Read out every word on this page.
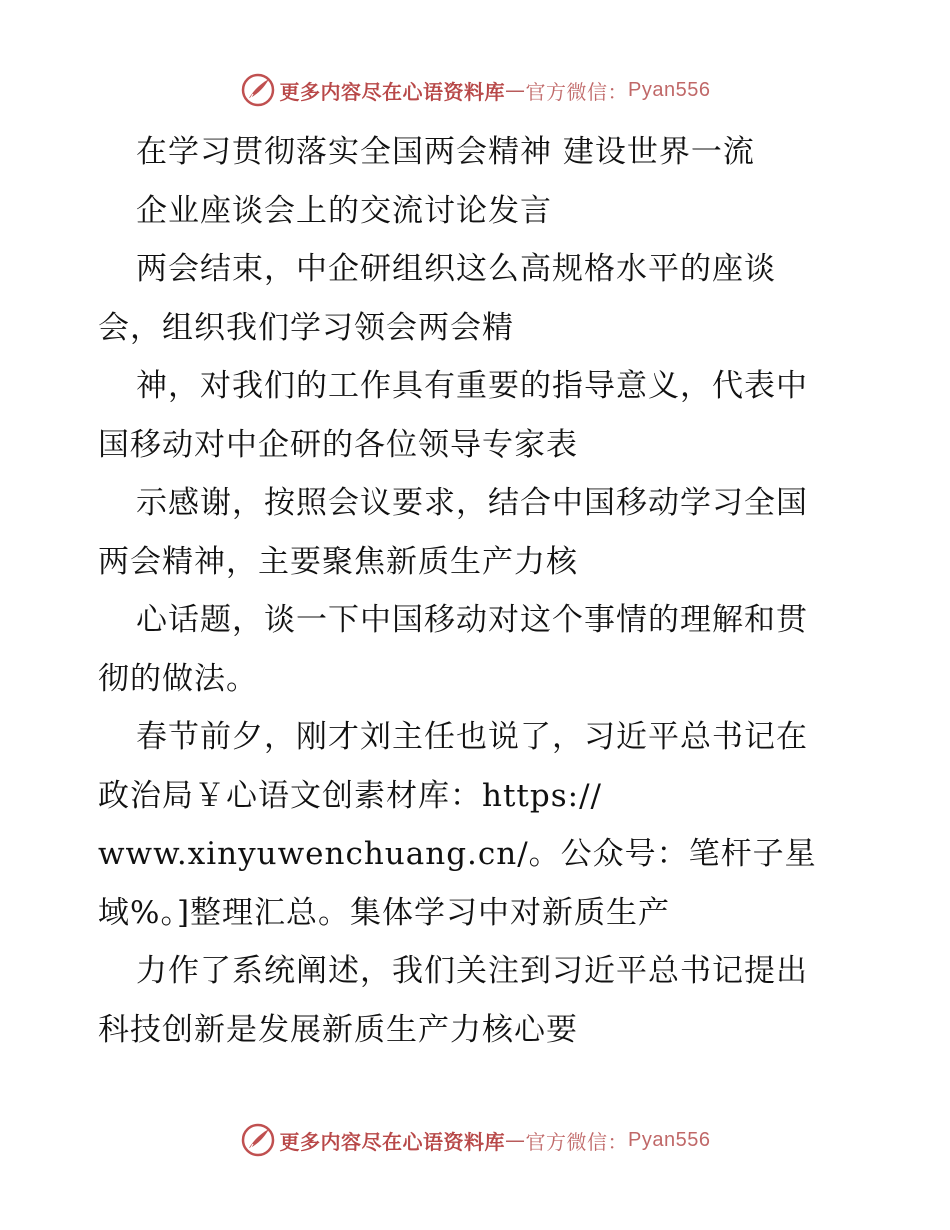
更多内容尽在心语资料库 — 官方微信： Pyan556
在学习贯彻落实全国两会精神 建设世界一流
企业座谈会上的交流讨论发言
两会结束，中企研组织这么高规格水平的座谈
会，组织我们学习领会两会精
神，对我们的工作具有重要的指导意义，代表中
国移动对中企研的各位领导专家表
示感谢，按照会议要求，结合中国移动学习全国
两会精神，主要聚焦新质生产力核
心话题，谈一下中国移动对这个事情的理解和贯
彻的做法。
春节前夕，刚才刘主任也说了，习近平总书记在
政治局￥心语文创素材库：https://
www.xinyuwenchuang.cn/。公众号：笔杆子星
域%。]整理汇总。集体学习中对新质生产
力作了系统阐述，我们关注到习近平总书记提出
科技创新是发展新质生产力核心要
更多内容尽在心语资料库 — 官方微信： Pyan556
